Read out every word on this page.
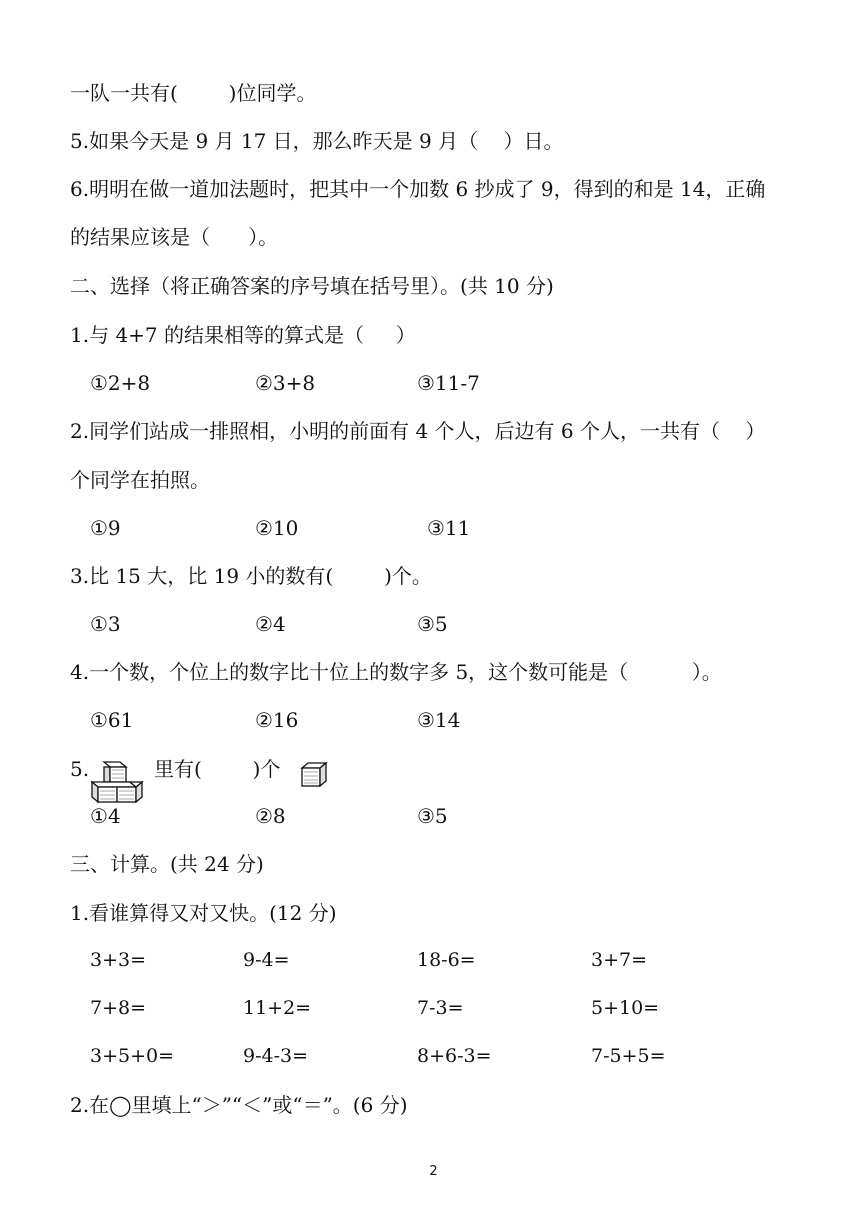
一队一共有(        )位同学。
5.如果今天是 9 月 17 日，那么昨天是 9 月（    ）日。
6.明明在做一道加法题时，把其中一个加数 6 抄成了 9，得到的和是 14，正确
的结果应该是（      ）。
二、选择（将正确答案的序号填在括号里）。(共 10 分)
1.与 4+7 的结果相等的算式是（     ）
①2+8	②3+8	③11-7
2.同学们站成一排照相，小明的前面有 4 个人，后边有 6 个人，一共有（    ）
个同学在拍照。
①9	②10	③11
3.比 15 大，比 19 小的数有(        )个。
①3	②4	③5
4.一个数，个位上的数字比十位上的数字多 5，这个数可能是（          ）。
①61	②16	③14
5.	里有(        )个
①4	②8	③5
三、计算。(共 24 分)
1.看谁算得又对又快。(12 分)
3+3=	9-4=	18-6=	3+7=
7+8=	11+2=	7-3=	5+10=
3+5+0=	9-4-3=	8+6-3=	7-5+5=
2.在◯里填上“＞”“＜”或“＝”。(6 分)
2
